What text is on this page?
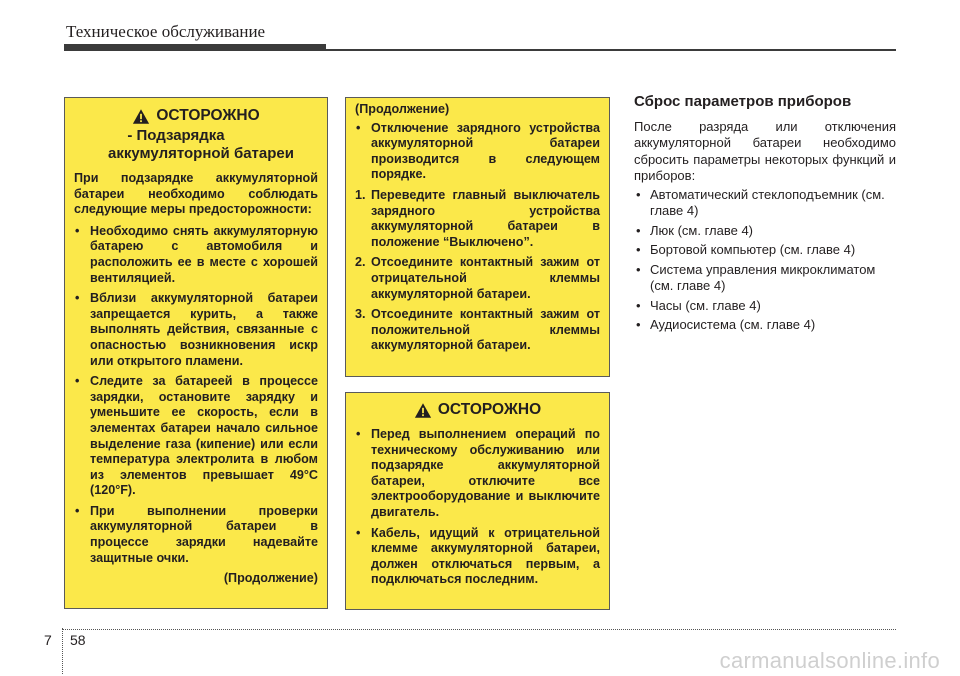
Техническое обслуживание
ОСТОРОЖНО
- Подзарядка
аккумуляторной батареи

При подзарядке аккумуляторной батареи необходимо соблюдать следующие меры предосторожности:

• Необходимо снять аккумуляторную батарею с автомобиля и расположить ее в месте с хорошей вентиляцией.
• Вблизи аккумуляторной батареи запрещается курить, а также выполнять действия, связанные с опасностью возникновения искр или открытого пламени.
• Следите за батареей в процессе зарядки, остановите зарядку и уменьшите ее скорость, если в элементах батареи начало сильное выделение газа (кипение) или если температура электролита в любом из элементов превышает 49°C (120°F).
• При выполнении проверки аккумуляторной батареи в процессе зарядки надевайте защитные очки.
(Продолжение)
(Продолжение)
• Отключение зарядного устройства аккумуляторной батареи производится в следующем порядке.
1. Переведите главный выключатель зарядного устройства аккумуляторной батареи в положение “Выключено”.
2. Отсоедините контактный зажим от отрицательной клеммы аккумуляторной батареи.
3. Отсоедините контактный зажим от положительной клеммы аккумуляторной батареи.
ОСТОРОЖНО
• Перед выполнением операций по техническому обслуживанию или подзарядке аккумуляторной батареи, отключите все электрооборудование и выключите двигатель.
• Кабель, идущий к отрицательной клемме аккумуляторной батареи, должен отключаться первым, а подключаться последним.
Сброс параметров приборов

После разряда или отключения аккумуляторной батареи необходимо сбросить параметры некоторых функций и приборов:

• Автоматический стеклоподъемник (см. главе 4)
• Люк (см. главе 4)
• Бортовой компьютер (см. главе 4)
• Система управления микроклиматом (см. главе 4)
• Часы (см. главе 4)
• Аудиосистема (см. главе 4)
7 58
carmanualsonline.info
